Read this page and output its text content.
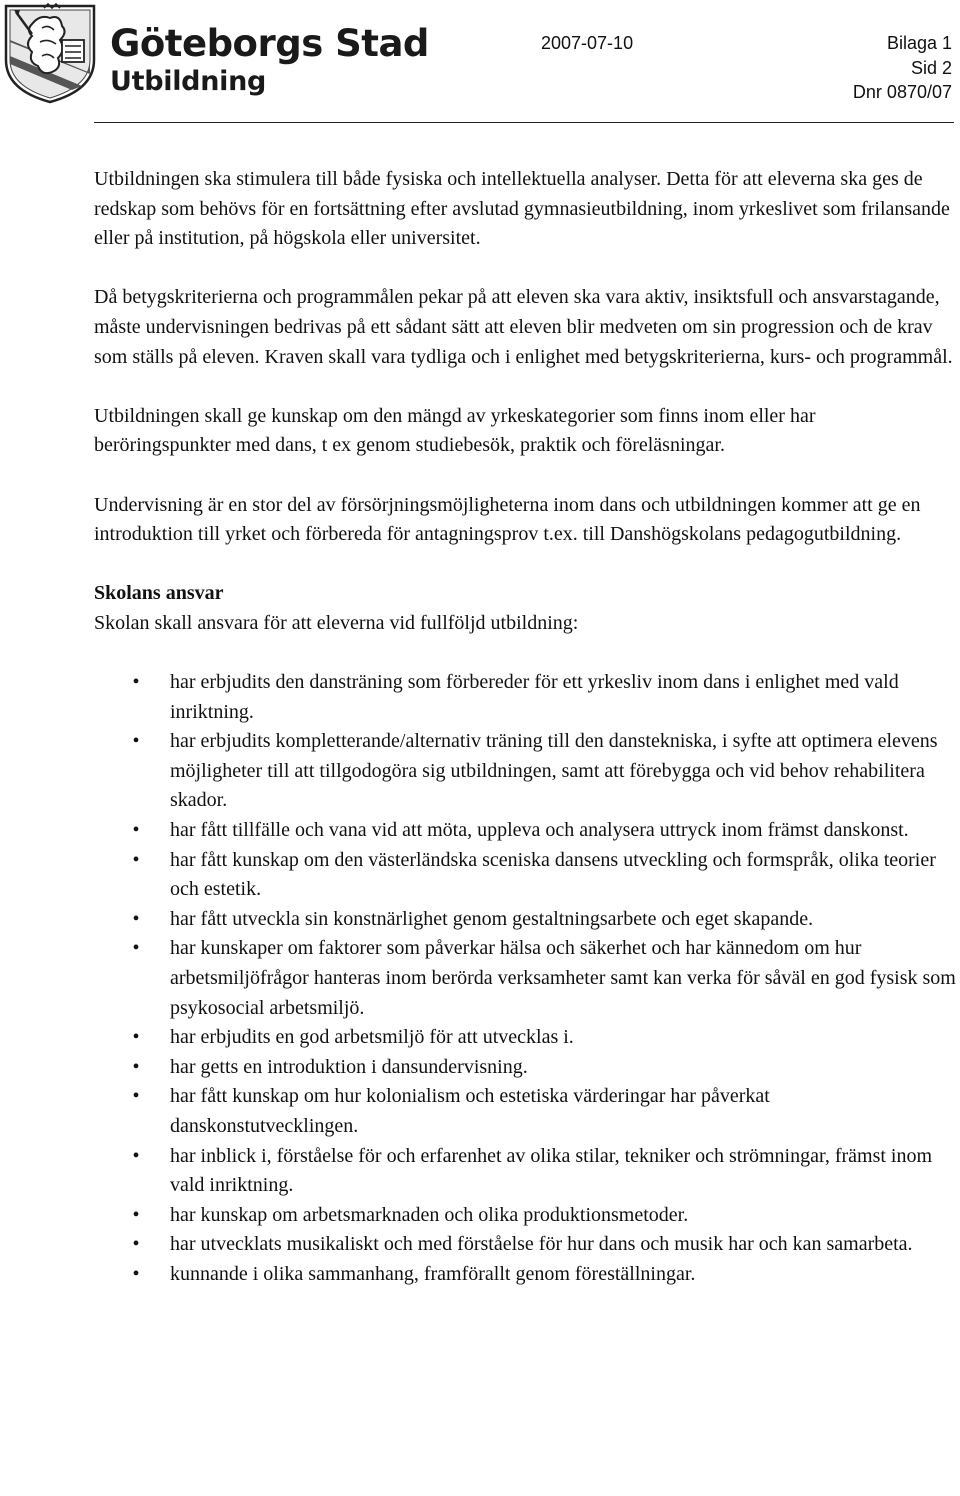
Göteborgs Stad
Utbildning
2007-07-10	Bilaga 1
Sid 2
Dnr 0870/07

Utbildningen ska stimulera till både fysiska och intellektuella analyser. Detta för att eleverna ska ges de redskap som behövs för en fortsättning efter avslutad gymnasieutbildning, inom yrkeslivet som frilansande eller på institution, på högskola eller universitet.

Då betygskriterierna och programmålen pekar på att eleven ska vara aktiv, insiktsfull och ansvarstagande, måste undervisningen bedrivas på ett sådant sätt att eleven blir medveten om sin progression och de krav som ställs på eleven. Kraven skall vara tydliga och i enlighet med betygskriterierna, kurs- och programmål.

Utbildningen skall ge kunskap om den mängd av yrkeskategorier som finns inom eller har beröringspunkter med dans, t ex genom studiebesök, praktik och föreläsningar.

Undervisning är en stor del av försörjningsmöjligheterna inom dans och utbildningen kommer att ge en introduktion till yrket och förbereda för antagningsprov t.ex. till Danshögskolans pedagogutbildning.

Skolans ansvar

Skolan skall ansvara för att eleverna vid fullföljd utbildning:

• har erbjudits den dansträning som förbereder för ett yrkesliv inom dans i enlighet med vald inriktning.
• har erbjudits kompletterande/alternativ träning till den danstekniska, i syfte att optimera elevens möjligheter till att tillgodogöra sig utbildningen, samt att förebygga och vid behov rehabilitera skador.
• har fått tillfälle och vana vid att möta, uppleva och analysera uttryck inom främst danskonst.
• har fått kunskap om den västerländska sceniska dansens utveckling och formspråk, olika teorier och estetik.
• har fått utveckla sin konstnärlighet genom gestaltningsarbete och eget skapande.
• har kunskaper om faktorer som påverkar hälsa och säkerhet och har kännedom om hur arbetsmiljöfrågor hanteras inom berörda verksamheter samt kan verka för såväl en god fysisk som psykosocial arbetsmiljö.
• har erbjudits en god arbetsmiljö för att utvecklas i.
• har getts en introduktion i dansundervisning.
• har fått kunskap om hur kolonialism och estetiska värderingar har påverkat danskonstutvecklingen.
• har inblick i, förståelse för och erfarenhet av olika stilar, tekniker och strömningar, främst inom vald inriktning.
• har kunskap om arbetsmarknaden och olika produktionsmetoder.
• har utvecklats musikaliskt och med förståelse för hur dans och musik har och kan samarbeta.
• kunnande i olika sammanhang, framförallt genom föreställningar.
